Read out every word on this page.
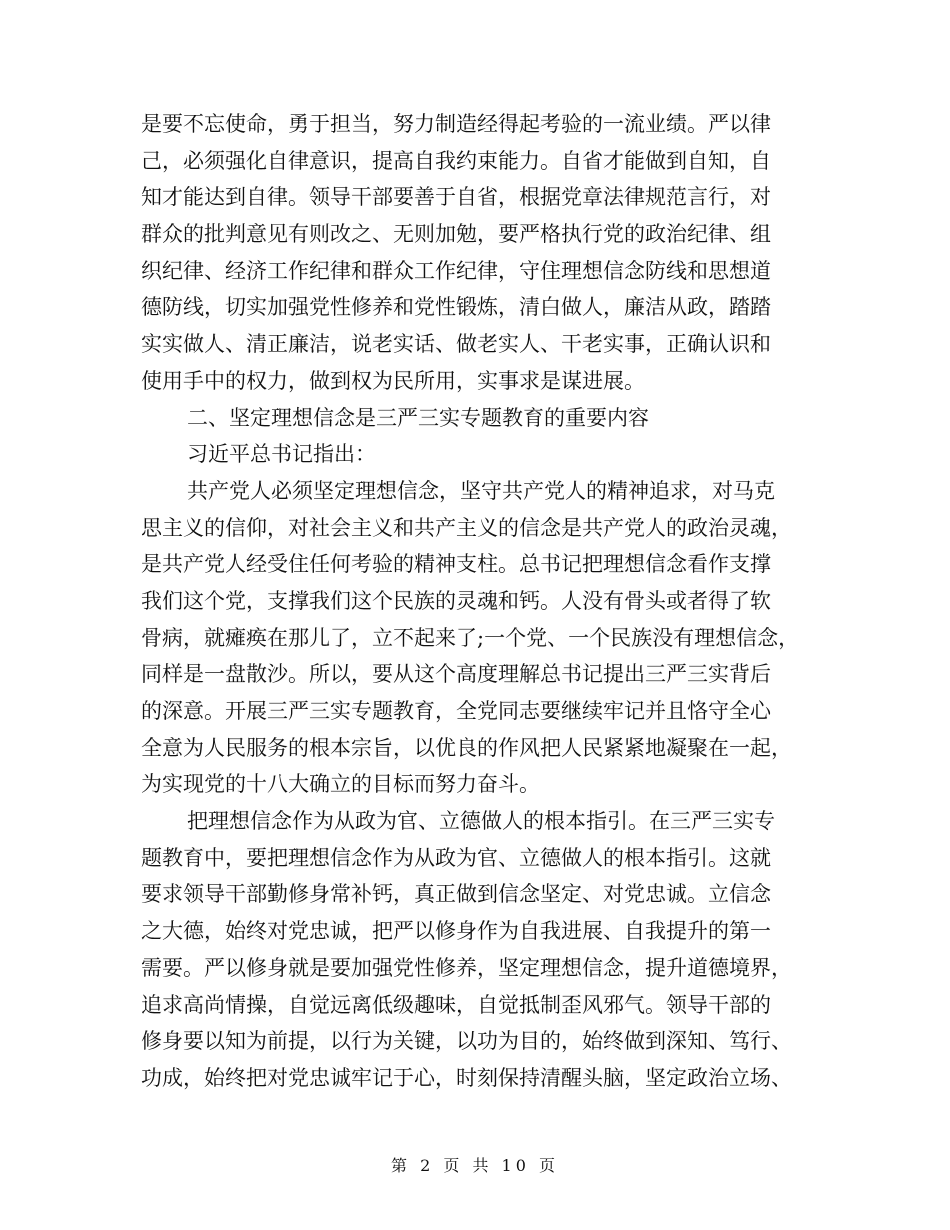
是要不忘使命，勇于担当，努力制造经得起考验的一流业绩。严以律
己，必须强化自律意识，提高自我约束能力。自省才能做到自知，自
知才能达到自律。领导干部要善于自省，根据党章法律规范言行，对
群众的批判意见有则改之、无则加勉，要严格执行党的政治纪律、组
织纪律、经济工作纪律和群众工作纪律，守住理想信念防线和思想道
德防线，切实加强党性修养和党性锻炼，清白做人，廉洁从政，踏踏
实实做人、清正廉洁，说老实话、做老实人、干老实事，正确认识和
使用手中的权力，做到权为民所用，实事求是谋进展。
二、坚定理想信念是三严三实专题教育的重要内容
习近平总书记指出：
共产党人必须坚定理想信念，坚守共产党人的精神追求，对马克
思主义的信仰，对社会主义和共产主义的信念是共产党人的政治灵魂，
是共产党人经受住任何考验的精神支柱。总书记把理想信念看作支撑
我们这个党，支撑我们这个民族的灵魂和钙。人没有骨头或者得了软
骨病，就瘫痪在那儿了，立不起来了;一个党、一个民族没有理想信念，
同样是一盘散沙。所以，要从这个高度理解总书记提出三严三实背后
的深意。开展三严三实专题教育，全党同志要继续牢记并且恪守全心
全意为人民服务的根本宗旨，以优良的作风把人民紧紧地凝聚在一起，
为实现党的十八大确立的目标而努力奋斗。
把理想信念作为从政为官、立德做人的根本指引。在三严三实专
题教育中，要把理想信念作为从政为官、立德做人的根本指引。这就
要求领导干部勤修身常补钙，真正做到信念坚定、对党忠诚。立信念
之大德，始终对党忠诚，把严以修身作为自我进展、自我提升的第一
需要。严以修身就是要加强党性修养，坚定理想信念，提升道德境界，
追求高尚情操，自觉远离低级趣味，自觉抵制歪风邪气。领导干部的
修身要以知为前提，以行为关键，以功为目的，始终做到深知、笃行、
功成，始终把对党忠诚牢记于心，时刻保持清醒头脑，坚定政治立场、
第 2 页 共 10 页
